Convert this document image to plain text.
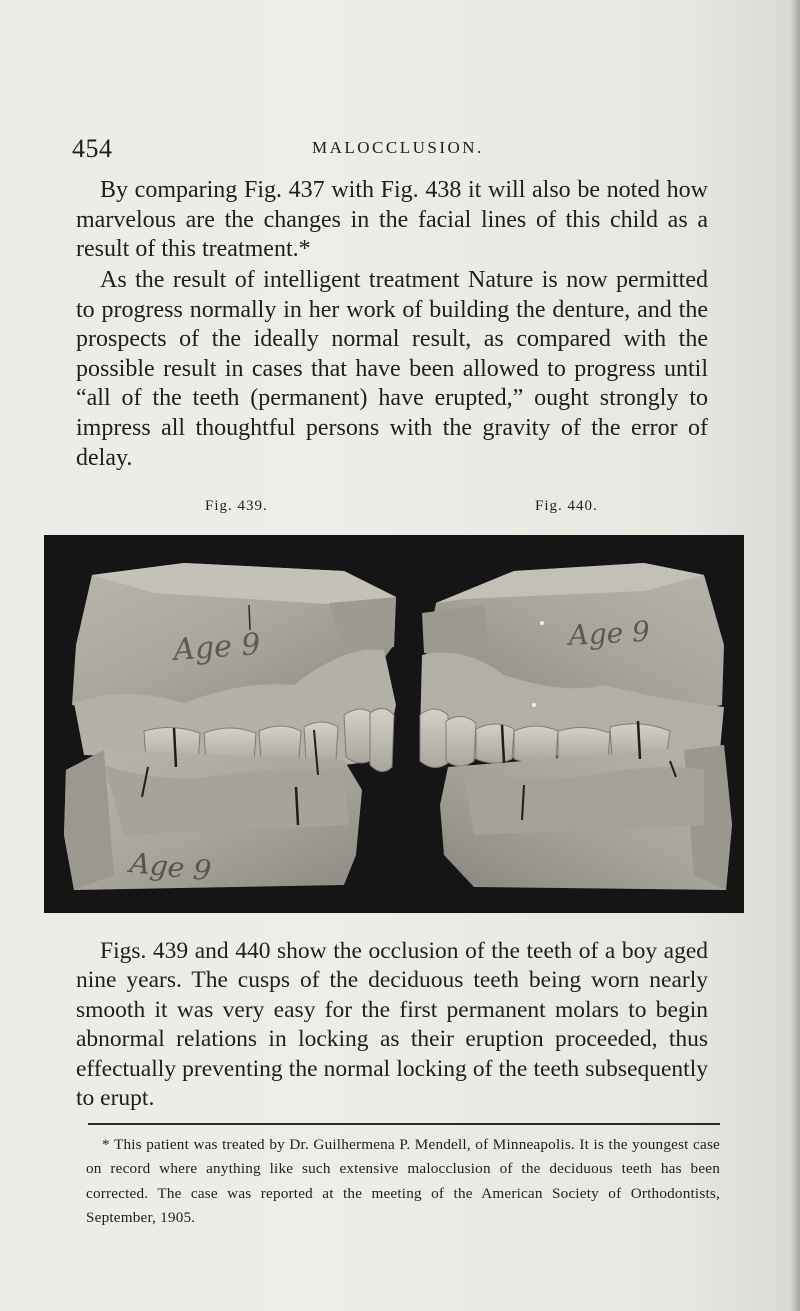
454	MALOCCLUSION.

By comparing Fig. 437 with Fig. 438 it will also be noted how marvelous are the changes in the facial lines of this child as a result of this treatment.*

As the result of intelligent treatment Nature is now permitted to progress normally in her work of building the denture, and the prospects of the ideally normal result, as compared with the possible result in cases that have been allowed to progress until “all of the teeth (permanent) have erupted,” ought strongly to impress all thoughtful persons with the gravity of the error of delay.

Fig. 439.	Fig. 440.
Age 9
Age 9
Age 9

Figs. 439 and 440 show the occlusion of the teeth of a boy aged nine years. The cusps of the deciduous teeth being worn nearly smooth it was very easy for the first permanent molars to begin abnormal relations in locking as their eruption proceeded, thus effectually preventing the normal locking of the teeth subsequently to erupt.

* This patient was treated by Dr. Guilhermena P. Mendell, of Minneapolis. It is the youngest case on record where anything like such extensive malocclusion of the deciduous teeth has been corrected. The case was reported at the meeting of the American Society of Orthodontists, September, 1905.
